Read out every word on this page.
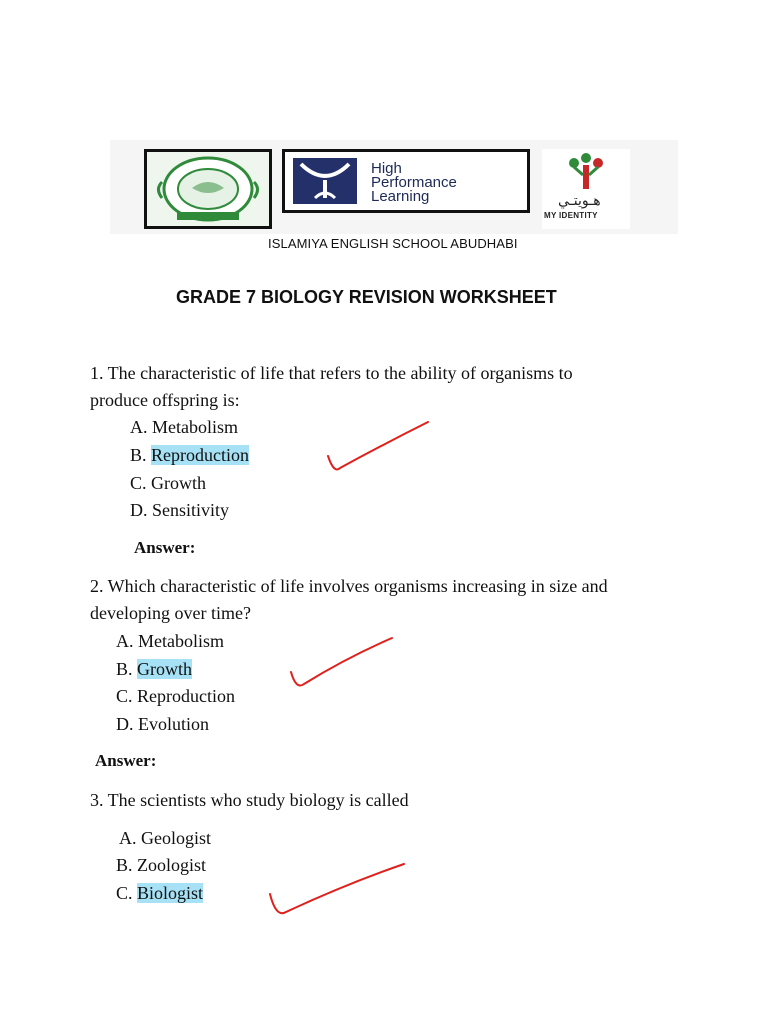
High
Performance
Learning	هـويتـي
MY IDENTITY
ISLAMIYA ENGLISH SCHOOL ABUDHABI
GRADE 7 BIOLOGY REVISION WORKSHEET
1. The characteristic of life that refers to the ability of organisms to
produce offspring is:
A. Metabolism
B. Reproduction
C. Growth
D. Sensitivity
Answer:
2. Which characteristic of life involves organisms increasing in size and
developing over time?
A. Metabolism
B. Growth
C. Reproduction
D. Evolution
Answer:
3. The scientists who study biology is called
A. Geologist
B. Zoologist
C. Biologist
